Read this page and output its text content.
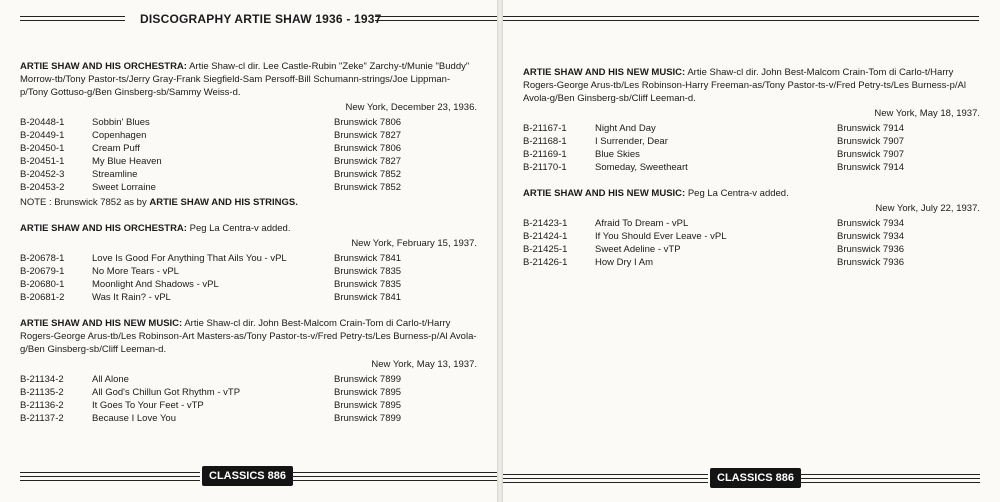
DISCOGRAPHY ARTIE SHAW 1936 - 1937

ARTIE SHAW AND HIS ORCHESTRA: Artie Shaw-cl dir. Lee Castle-Rubin "Zeke" Zarchy-t/Munie "Buddy" Morrow-tb/Tony Pastor-ts/Jerry Gray-Frank Siegfield-Sam Persoff-Bill Schumann-strings/Joe Lippman-p/Tony Gottuso-g/Ben Ginsberg-sb/Sammy Weiss-d.

New York, December 23, 1936.
B-20448-1	Sobbin' Blues	Brunswick 7806
B-20449-1	Copenhagen	Brunswick 7827
B-20450-1	Cream Puff	Brunswick 7806
B-20451-1	My Blue Heaven	Brunswick 7827
B-20452-3	Streamline	Brunswick 7852
B-20453-2	Sweet Lorraine	Brunswick 7852
NOTE : Brunswick 7852 as by ARTIE SHAW AND HIS STRINGS.

ARTIE SHAW AND HIS ORCHESTRA: Peg La Centra-v added.

New York, February 15, 1937.
B-20678-1	Love Is Good For Anything That Ails You - vPL	Brunswick 7841
B-20679-1	No More Tears - vPL	Brunswick 7835
B-20680-1	Moonlight And Shadows - vPL	Brunswick 7835
B-20681-2	Was It Rain? - vPL	Brunswick 7841

ARTIE SHAW AND HIS NEW MUSIC: Artie Shaw-cl dir. John Best-Malcom Crain-Tom di Carlo-t/Harry Rogers-George Arus-tb/Les Robinson-Art Masters-as/Tony Pastor-ts-v/Fred Petry-ts/Les Burness-p/Al Avola-g/Ben Ginsberg-sb/Cliff Leeman-d.

New York, May 13, 1937.
B-21134-2	All Alone	Brunswick 7899
B-21135-2	All God's Chillun Got Rhythm - vTP	Brunswick 7895
B-21136-2	It Goes To Your Feet - vTP	Brunswick 7895
B-21137-2	Because I Love You	Brunswick 7899
CLASSICS 886

ARTIE SHAW AND HIS NEW MUSIC: Artie Shaw-cl dir. John Best-Malcom Crain-Tom di Carlo-t/Harry Rogers-George Arus-tb/Les Robinson-Harry Freeman-as/Tony Pastor-ts-v/Fred Petry-ts/Les Burness-p/Al Avola-g/Ben Ginsberg-sb/Cliff Leeman-d.

New York, May 18, 1937.
B-21167-1	Night And Day	Brunswick 7914
B-21168-1	I Surrender, Dear	Brunswick 7907
B-21169-1	Blue Skies	Brunswick 7907
B-21170-1	Someday, Sweetheart	Brunswick 7914

ARTIE SHAW AND HIS NEW MUSIC: Peg La Centra-v added.

New York, July 22, 1937.
B-21423-1	Afraid To Dream - vPL	Brunswick 7934
B-21424-1	If You Should Ever Leave - vPL	Brunswick 7934
B-21425-1	Sweet Adeline - vTP	Brunswick 7936
B-21426-1	How Dry I Am	Brunswick 7936
CLASSICS 886
